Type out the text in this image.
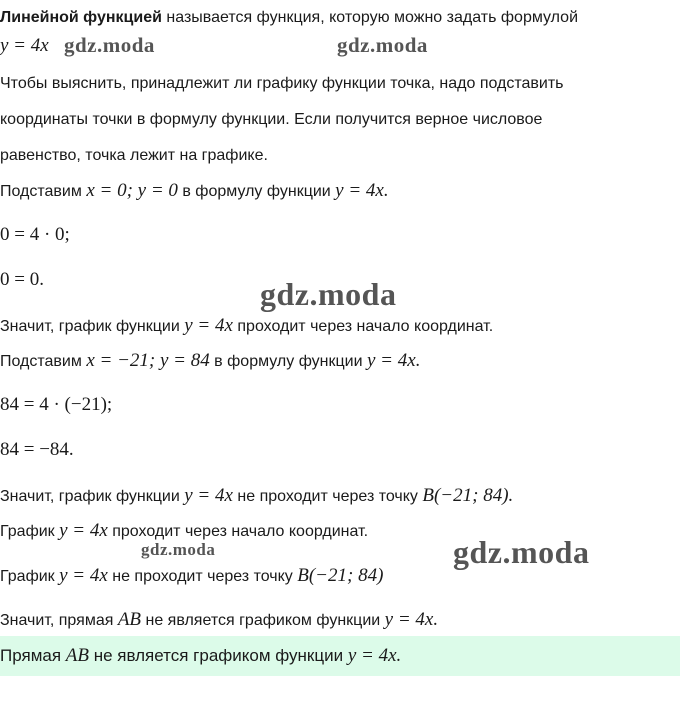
Линейной функцией называется функция, которую можно задать формулой
y = 4x
Чтобы выяснить, принадлежит ли графику функции точка, надо подставить
координаты точки в формулу функции. Если получится верное числовое
равенство, точка лежит на графике.
Подставим x = 0; y = 0 в формулу функции y = 4x.
0 = 4 · 0;
0 = 0.
Значит, график функции y = 4x проходит через начало координат.
Подставим x = −21; y = 84 в формулу функции y = 4x.
84 = 4 · (−21);
84 = −84.
Значит, график функции y = 4x не проходит через точку B(−21; 84).
График y = 4x проходит через начало координат.
График y = 4x не проходит через точку B(−21; 84)
Значит, прямая AB не является графиком функции y = 4x.
Прямая AB не является графиком функции y = 4x.
gdz.moda	gdz.moda
gdz.moda
gdz.moda	gdz.moda
